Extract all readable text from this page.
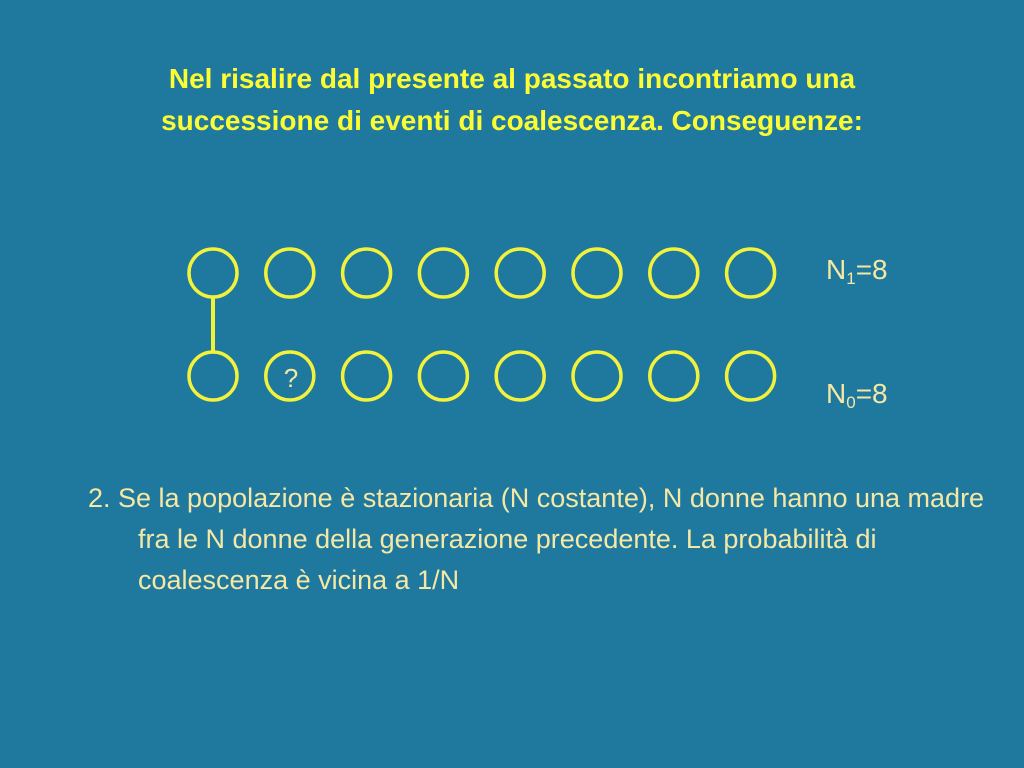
Nel risalire dal presente al passato incontriamo una
successione di eventi di coalescenza. Conseguenze:
?
$N_1=8$
$N_0=8$

2. Se la popolazione è stazionaria (N costante), N donne hanno una madre fra le N donne della generazione precedente. La probabilità di coalescenza è vicina a 1/N
